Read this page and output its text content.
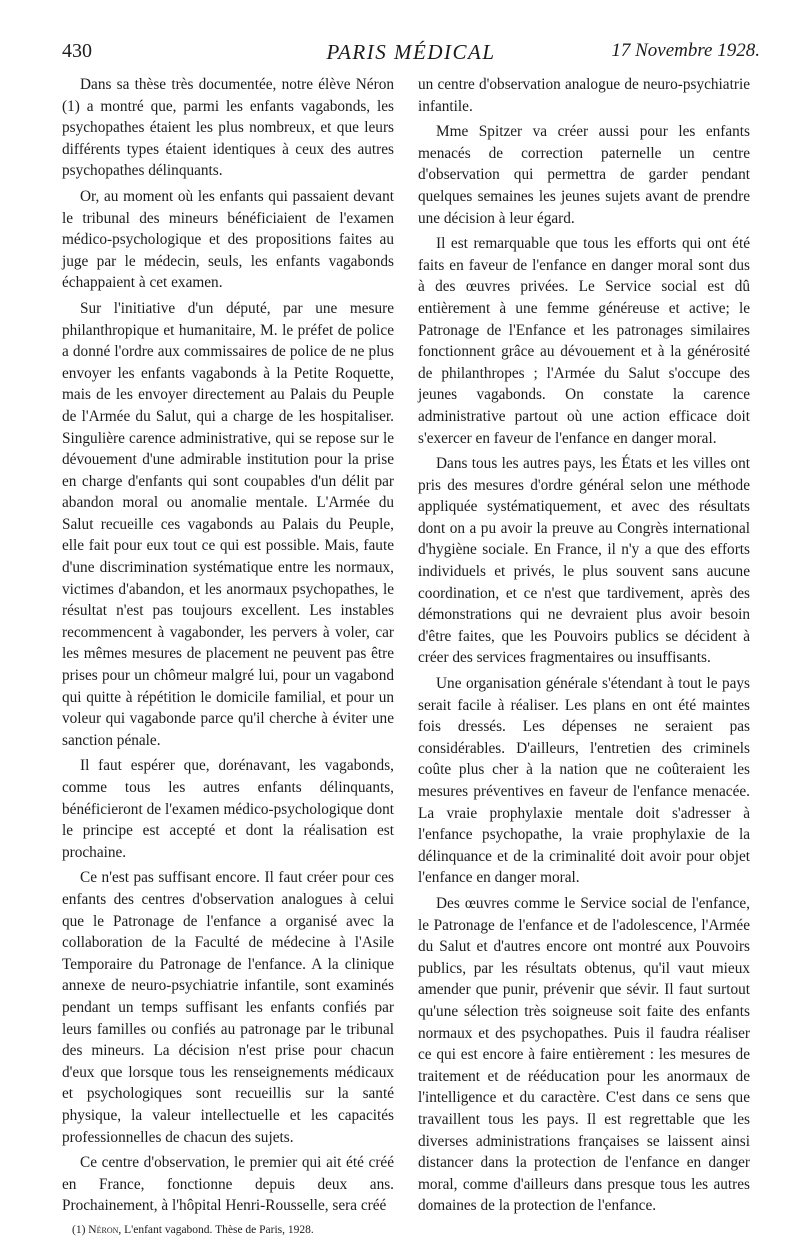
430	PARIS MÉDICAL	17 Novembre 1928.

Dans sa thèse très documentée, notre élève Néron (1) a montré que, parmi les enfants vagabonds, les psychopathes étaient les plus nombreux, et que leurs différents types étaient identiques à ceux des autres psychopathes délinquants.

Or, au moment où les enfants qui passaient devant le tribunal des mineurs bénéficiaient de l'examen médico-psychologique et des propositions faites au juge par le médecin, seuls, les enfants vagabonds échappaient à cet examen.

Sur l'initiative d'un député, par une mesure philanthropique et humanitaire, M. le préfet de police a donné l'ordre aux commissaires de police de ne plus envoyer les enfants vagabonds à la Petite Roquette, mais de les envoyer directement au Palais du Peuple de l'Armée du Salut, qui a charge de les hospitaliser. Singulière carence administrative, qui se repose sur le dévouement d'une admirable institution pour la prise en charge d'enfants qui sont coupables d'un délit par abandon moral ou anomalie mentale. L'Armée du Salut recueille ces vagabonds au Palais du Peuple, elle fait pour eux tout ce qui est possible. Mais, faute d'une discrimination systématique entre les normaux, victimes d'abandon, et les anormaux psychopathes, le résultat n'est pas toujours excellent. Les instables recommencent à vagabonder, les pervers à voler, car les mêmes mesures de placement ne peuvent pas être prises pour un chômeur malgré lui, pour un vagabond qui quitte à répétition le domicile familial, et pour un voleur qui vagabonde parce qu'il cherche à éviter une sanction pénale.

Il faut espérer que, dorénavant, les vagabonds, comme tous les autres enfants délinquants, bénéficieront de l'examen médico-psychologique dont le principe est accepté et dont la réalisation est prochaine.

Ce n'est pas suffisant encore. Il faut créer pour ces enfants des centres d'observation analogues à celui que le Patronage de l'enfance a organisé avec la collaboration de la Faculté de médecine à l'Asile Temporaire du Patronage de l'enfance. A la clinique annexe de neuro-psychiatrie infantile, sont examinés pendant un temps suffisant les enfants confiés par leurs familles ou confiés au patronage par le tribunal des mineurs. La décision n'est prise pour chacun d'eux que lorsque tous les renseignements médicaux et psychologiques sont recueillis sur la santé physique, la valeur intellectuelle et les capacités professionnelles de chacun des sujets.

Ce centre d'observation, le premier qui ait été créé en France, fonctionne depuis deux ans. Prochainement, à l'hôpital Henri-Rousselle, sera créé

(1) Néron, L'enfant vagabond. Thèse de Paris, 1928.

un centre d'observation analogue de neuro-psychiatrie infantile.

Mme Spitzer va créer aussi pour les enfants menacés de correction paternelle un centre d'observation qui permettra de garder pendant quelques semaines les jeunes sujets avant de prendre une décision à leur égard.

Il est remarquable que tous les efforts qui ont été faits en faveur de l'enfance en danger moral sont dus à des œuvres privées. Le Service social est dû entièrement à une femme généreuse et active; le Patronage de l'Enfance et les patronages similaires fonctionnent grâce au dévouement et à la générosité de philanthropes ; l'Armée du Salut s'occupe des jeunes vagabonds. On constate la carence administrative partout où une action efficace doit s'exercer en faveur de l'enfance en danger moral.

Dans tous les autres pays, les États et les villes ont pris des mesures d'ordre général selon une méthode appliquée systématiquement, et avec des résultats dont on a pu avoir la preuve au Congrès international d'hygiène sociale. En France, il n'y a que des efforts individuels et privés, le plus souvent sans aucune coordination, et ce n'est que tardivement, après des démonstrations qui ne devraient plus avoir besoin d'être faites, que les Pouvoirs publics se décident à créer des services fragmentaires ou insuffisants.

Une organisation générale s'étendant à tout le pays serait facile à réaliser. Les plans en ont été maintes fois dressés. Les dépenses ne seraient pas considérables. D'ailleurs, l'entretien des criminels coûte plus cher à la nation que ne coûteraient les mesures préventives en faveur de l'enfance menacée. La vraie prophylaxie mentale doit s'adresser à l'enfance psychopathe, la vraie prophylaxie de la délinquance et de la criminalité doit avoir pour objet l'enfance en danger moral.

Des œuvres comme le Service social de l'enfance, le Patronage de l'enfance et de l'adolescence, l'Armée du Salut et d'autres encore ont montré aux Pouvoirs publics, par les résultats obtenus, qu'il vaut mieux amender que punir, prévenir que sévir. Il faut surtout qu'une sélection très soigneuse soit faite des enfants normaux et des psychopathes. Puis il faudra réaliser ce qui est encore à faire entièrement : les mesures de traitement et de rééducation pour les anormaux de l'intelligence et du caractère. C'est dans ce sens que travaillent tous les pays. Il est regrettable que les diverses administrations françaises se laissent ainsi distancer dans la protection de l'enfance en danger moral, comme d'ailleurs dans presque tous les autres domaines de la protection de l'enfance.
